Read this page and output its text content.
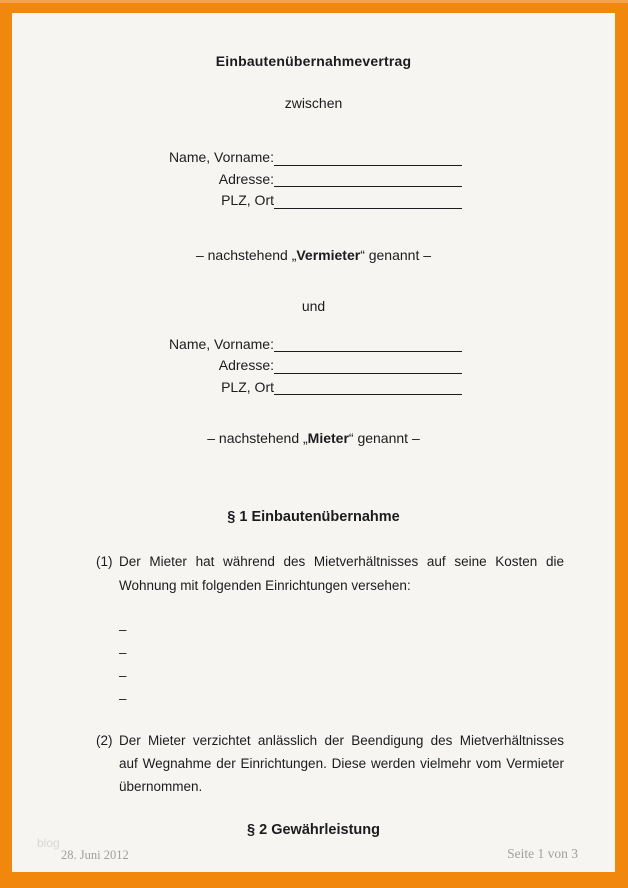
Einbautenübernahmevertrag
zwischen
Name, Vorname:
Adresse:
PLZ, Ort
– nachstehend „Vermieter“ genannt –
und
Name, Vorname:
Adresse:
PLZ, Ort
– nachstehend „Mieter“ genannt –
§ 1 Einbautenübernahme
(1) Der Mieter hat während des Mietverhältnisses auf seine Kosten die
Wohnung mit folgenden Einrichtungen versehen:
–
–
–
–
(2) Der Mieter verzichtet anlässlich der Beendigung des Mietverhältnisses
auf Wegnahme der Einrichtungen. Diese werden vielmehr vom Vermieter
übernommen.
§ 2 Gewährleistung
blog
28. Juni 2012	Seite 1 von 3
